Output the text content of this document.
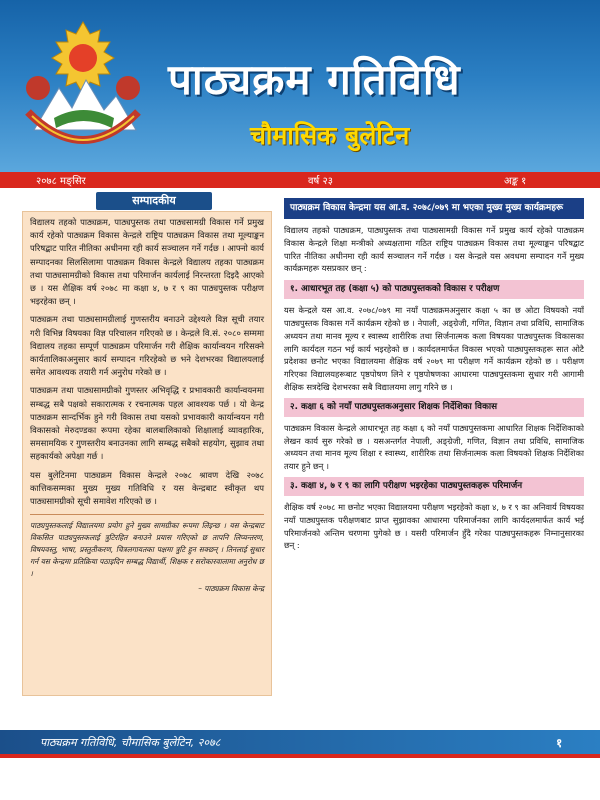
पाठ्यक्रम गतिविधि
चौमासिक बुलेटिन
२०७८ मङ्सिर	वर्ष २३	अङ्क १
सम्पादकीय

विद्यालय तहको पाठ्यक्रम, पाठ्यपुस्तक तथा पाठ्यसामग्री विकास गर्ने प्रमुख कार्य रहेको पाठ्यक्रम विकास केन्द्रले राष्ट्रिय पाठ्यक्रम विकास तथा मूल्याङ्कन परिषद्बाट पारित नीतिका अधीनमा रही कार्य सञ्चालन गर्ने गर्दछ । आफ्नो कार्य सम्पादनका सिलसिलामा पाठ्यक्रम विकास केन्द्रले विद्यालय तहका पाठ्यक्रम तथा पाठ्यसामग्रीको विकास तथा परिमार्जन कार्यलाई निरन्तरता दिइदै आएको छ । यस शैक्षिक वर्ष २०७८ मा कक्षा ४, ७ र ९ का पाठ्यपुस्तक परीक्षण भइरहेका छन् ।

पाठ्यक्रम तथा पाठ्यसामग्रीलाई गुणस्तरीय बनाउने उद्देश्यले विज्ञ सूची तयार गरी विभिन्न विषयका विज्ञ परिचालन गरिएको छ । केन्द्रले वि.सं. २०८० सम्ममा विद्यालय तहका सम्पूर्ण पाठ्यक्रम परिमार्जन गरी शैक्षिक कार्यान्वयन गरिसक्ने कार्यतालिकाअनुसार कार्य सम्पादन गरिरहेको छ भने देशभरका विद्यालयलाई समेत आवश्यक तयारी गर्न अनुरोध गरेको छ ।

पाठ्यक्रम तथा पाठ्यसामग्रीको गुणस्तर अभिवृद्धि र प्रभावकारी कार्यान्वयनमा सम्बद्ध सबै पक्षको सकारात्मक र रचनात्मक पहल आवश्यक पर्छ । यो केन्द्र पाठ्यक्रम सान्दर्भिक हुने गरी विकास तथा यसको प्रभावकारी कार्यान्वयन गरी विकासको मेरुदण्डका रूपमा रहेका बालबालिकाको शिक्षालाई व्यावहारिक, समसामयिक र गुणस्तरीय बनाउनका लागि सम्बद्ध सबैको सहयोग, सुझाव तथा सहकार्यको अपेक्षा गर्छ ।

यस बुलेटिनमा पाठ्यक्रम विकास केन्द्रले २०७८ श्रावण देखि २०७८ कात्तिकसम्मका मुख्य मुख्य गतिविधि र यस केन्द्रबाट स्वीकृत थप पाठ्यसामग्रीको सूची समावेश गरिएको छ ।

पाठ्यपुस्तकलाई विद्यालयमा प्रयोग हुने मुख्य सामग्रीका रूपमा लिइन्छ । यस केन्द्रबाट विकसित पाठ्यपुस्तकलाई त्रुटिरहित बनाउने प्रयास गरिएको छ तापनि लिप्यन्तरण, विषयवस्तु, भाषा, प्रस्तुतीकरण, चित्रलगायतका पक्षमा त्रुटि हुन सक्छन् । तिनलाई सुधार गर्न यस केन्द्रमा प्रतिक्रिया पठाइदिन सम्बद्ध विद्यार्थी, शिक्षक र सरोकारवालामा अनुरोध छ ।
– पाठ्यक्रम विकास केन्द्र
पाठ्यक्रम विकास केन्द्रमा यस आ.व. २०७८/०७९ मा भएका मुख्य मुख्य कार्यक्रमहरू
विद्यालय तहको पाठ्यक्रम, पाठ्यपुस्तक तथा पाठ्यसामग्री विकास गर्ने प्रमुख कार्य रहेको पाठ्यक्रम विकास केन्द्रले शिक्षा मन्त्रीको अध्यक्षतामा गठित राष्ट्रिय पाठ्यक्रम विकास तथा मूल्याङ्कन परिषद्बाट पारित नीतिका अधीनमा रही कार्य सञ्चालन गर्ने गर्दछ । यस केन्द्रले यस अवधमा सम्पादन गर्ने मुख्य कार्यक्रमहरू यसप्रकार छन् :
१. आधारभूत तह (कक्षा ५) को पाठ्यपुस्तकको विकास र परीक्षण
यस केन्द्रले यस आ.व. २०७८/०७९ मा नयाँ पाठ्यक्रमअनुसार कक्षा ५ का छ ओटा विषयको नयाँ पाठ्यपुस्तक विकास गर्ने कार्यक्रम रहेको छ । नेपाली, अङ्ग्रेजी, गणित, विज्ञान तथा प्रविधि, सामाजिक अध्ययन तथा मानव मूल्य र स्वास्थ्य शारीरिक तथा सिर्जनात्मक कला विषयका पाठ्यपुस्तक विकासका लागि कार्यदल गठन भई कार्य भइरहेको छ । कार्यदलमार्फत विकास भएको पाठ्यपुस्तकहरू सात ओटै प्रदेशका छनोट भएका विद्यालयमा शैक्षिक वर्ष २०७९ मा परीक्षण गर्ने कार्यक्रम रहेको छ । परीक्षण गरिएका विद्यालयहरूबाट पृष्ठपोषण लिने र पृष्ठपोषणका आधारमा पाठ्यपुस्तकमा सुधार गरी आगामी शैक्षिक सत्रदेखि देशभरका सबै विद्यालयमा लागु गरिने छ ।
२. कक्षा ६ को नयाँ पाठ्यपुस्तकअनुसार शिक्षक निर्देशिका विकास
पाठ्यक्रम विकास केन्द्रले आधारभूत तह कक्षा ६ को नयाँ पाठ्यपुस्तकमा आधारित शिक्षक निर्देशिकाको लेखन कार्य सुरु गरेको छ । यसअन्तर्गत नेपाली, अङ्ग्रेजी, गणित, विज्ञान तथा प्रविधि, सामाजिक अध्ययन तथा मानव मूल्य शिक्षा र स्वास्थ्य, शारीरिक तथा सिर्जनात्मक कला विषयको शिक्षक निर्देशिका तयार हुने छन् ।
३. कक्षा ४, ७ र ९ का लागि परीक्षण भइरहेका पाठ्यपुस्तकहरू परिमार्जन
शैक्षिक वर्ष २०७८ मा छनोट भएका विद्यालयमा परीक्षण भइरहेको कक्षा ४, ७ र ९ का अनिवार्य विषयका नयाँ पाठ्यपुस्तक परीक्षणबाट प्राप्त सुझावका आधारमा परिमार्जनका लागि कार्यदलमार्फत कार्य भई परिमार्जनको अन्तिम चरणमा पुगेको छ । यसरी परिमार्जन हुँदै गरेका पाठ्यपुस्तकहरू निम्नानुसारका छन् :
पाठ्यक्रम गतिविधि, चौमासिक बुलेटिन, २०७८	१
